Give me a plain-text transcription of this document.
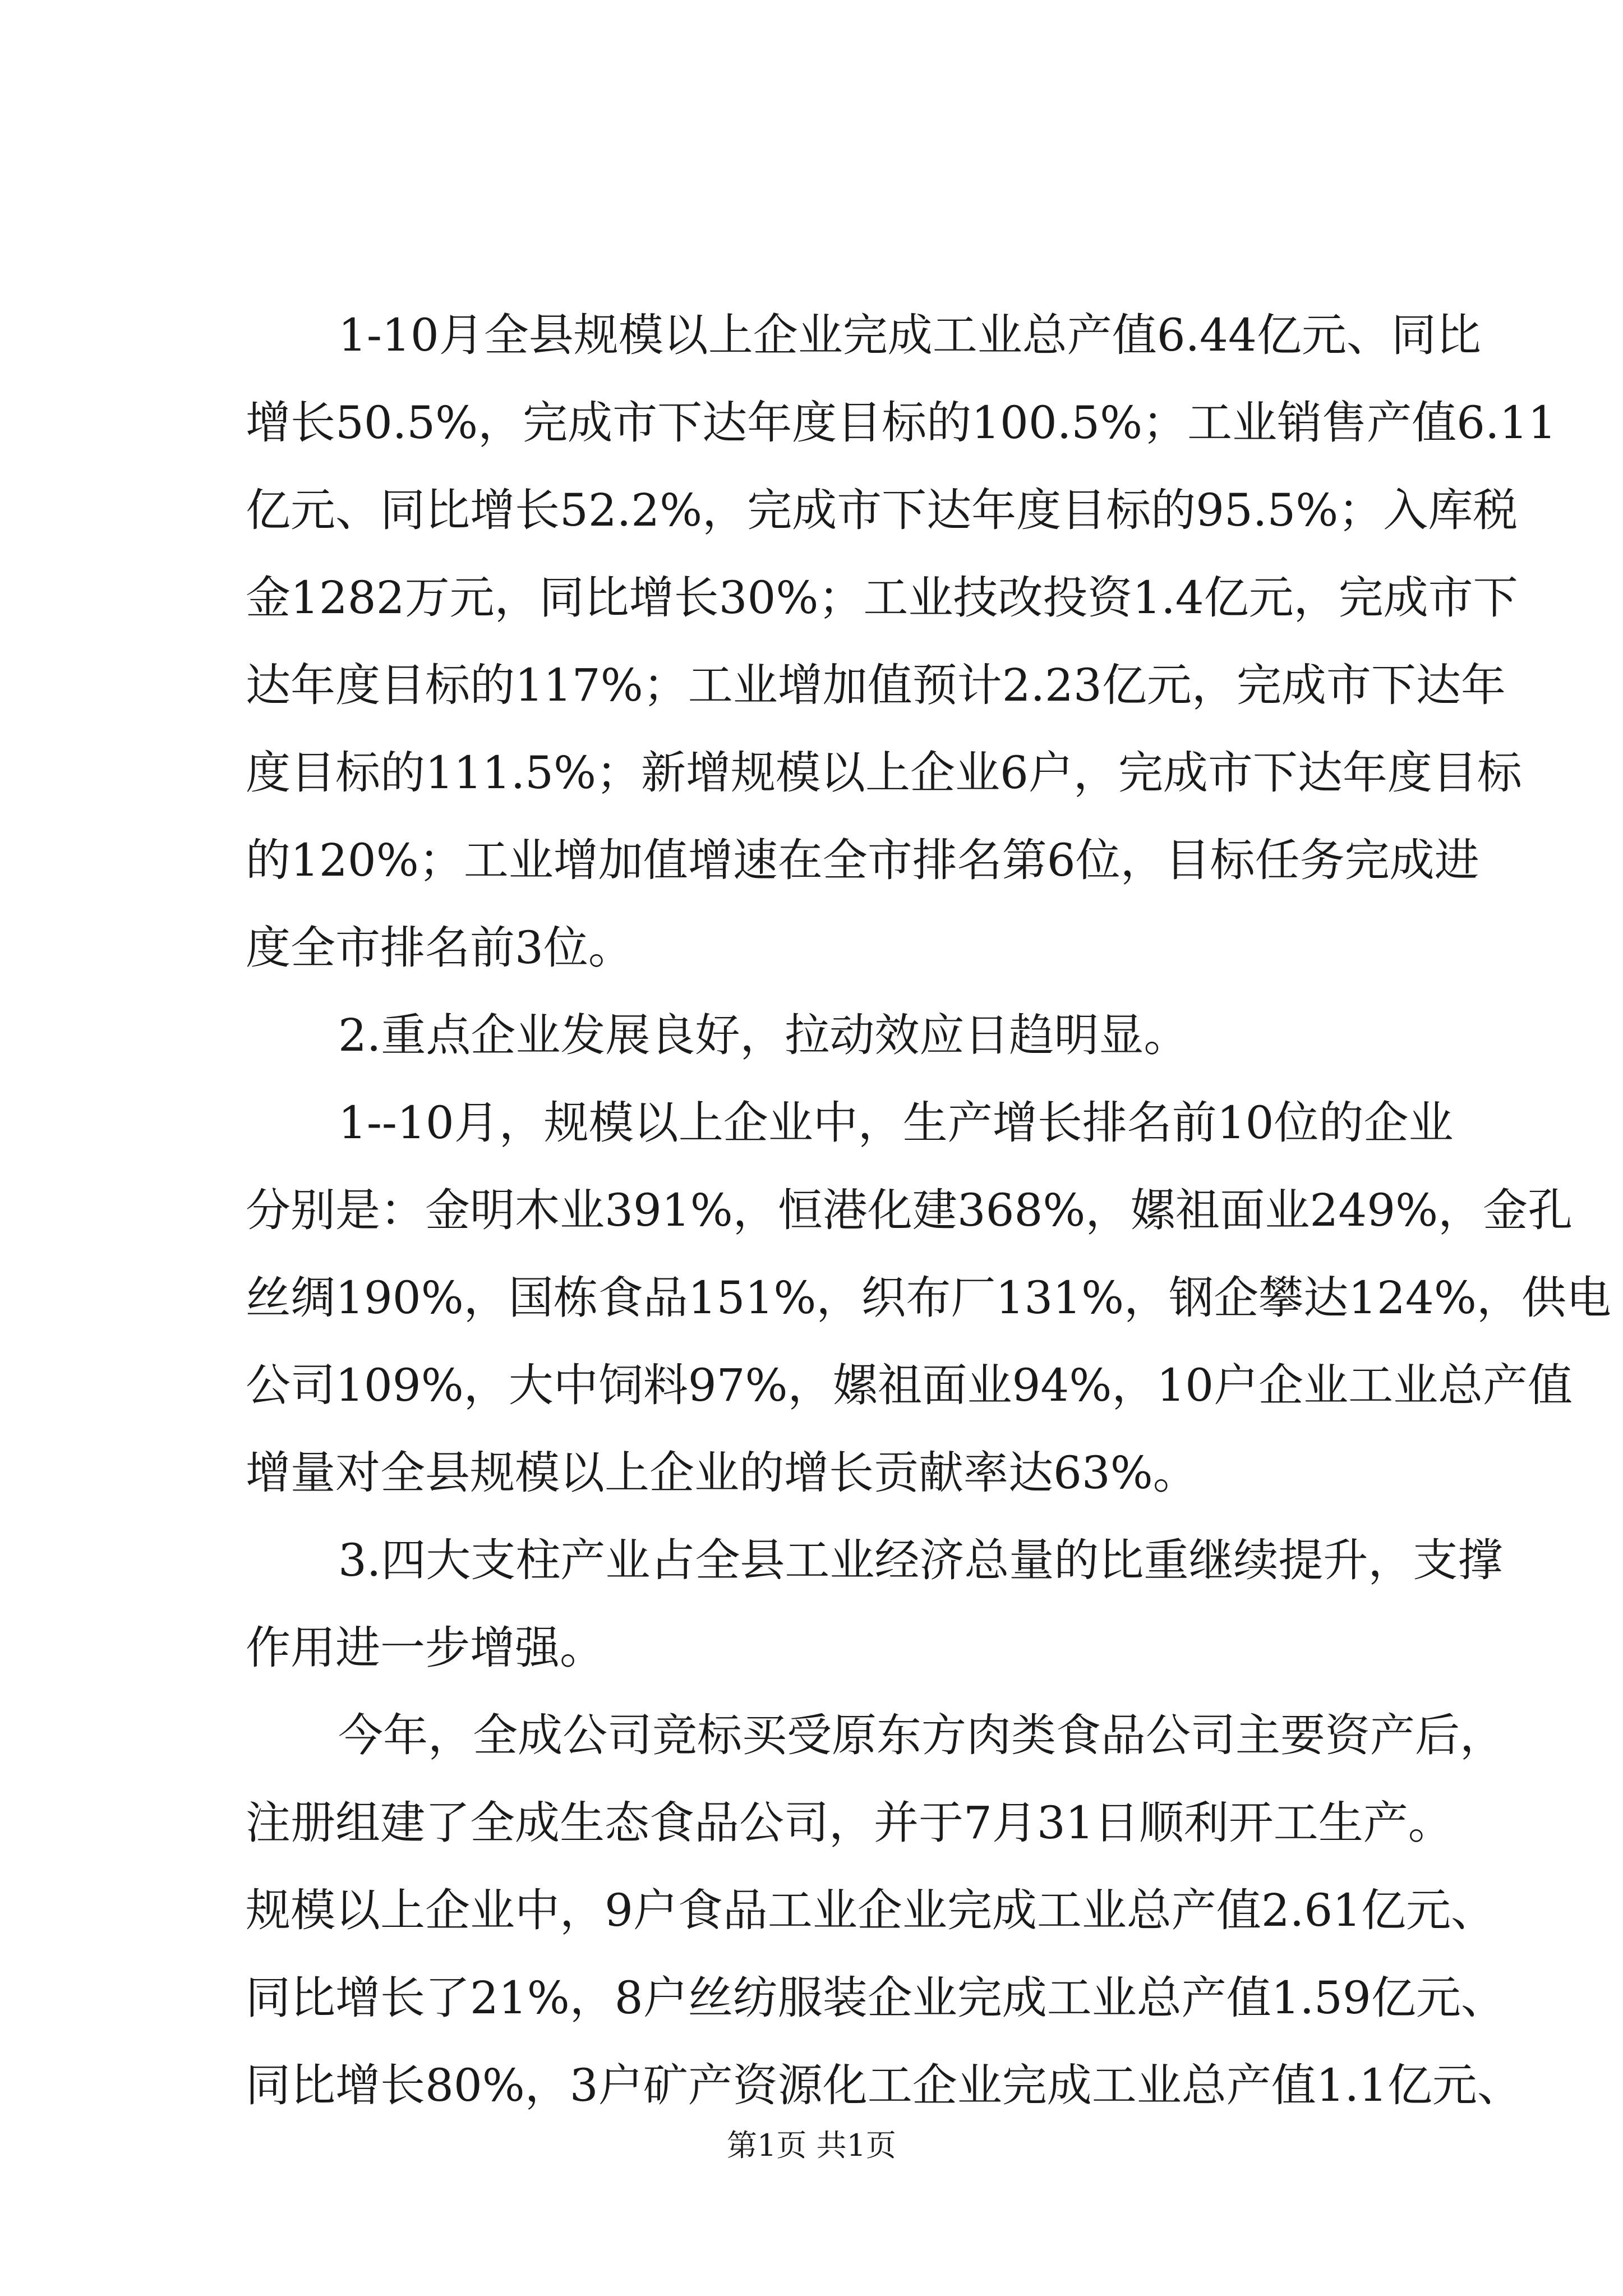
1-10月全县规模以上企业完成工业总产值6.44亿元、同比
增长50.5%，完成市下达年度目标的100.5%；工业销售产值6.11
亿元、同比增长52.2%，完成市下达年度目标的95.5%；入库税
金1282万元，同比增长30%；工业技改投资1.4亿元，完成市下
达年度目标的117%；工业增加值预计2.23亿元，完成市下达年
度目标的111.5%；新增规模以上企业6户，完成市下达年度目标
的120%；工业增加值增速在全市排名第6位，目标任务完成进
度全市排名前3位。
2.重点企业发展良好，拉动效应日趋明显。
1--10月，规模以上企业中，生产增长排名前10位的企业
分别是：金明木业391%，恒港化建368%，嫘祖面业249%，金孔
丝绸190%，国栋食品151%，织布厂131%，钢企攀达124%，供电
公司109%，大中饲料97%，嫘祖面业94%，10户企业工业总产值
增量对全县规模以上企业的增长贡献率达63%。
3.四大支柱产业占全县工业经济总量的比重继续提升，支撑
作用进一步增强。
今年，全成公司竞标买受原东方肉类食品公司主要资产后，
注册组建了全成生态食品公司，并于7月31日顺利开工生产。
规模以上企业中，9户食品工业企业完成工业总产值2.61亿元、
同比增长了21%，8户丝纺服装企业完成工业总产值1.59亿元、
同比增长80%，3户矿产资源化工企业完成工业总产值1.1亿元、
第1页 共1页
